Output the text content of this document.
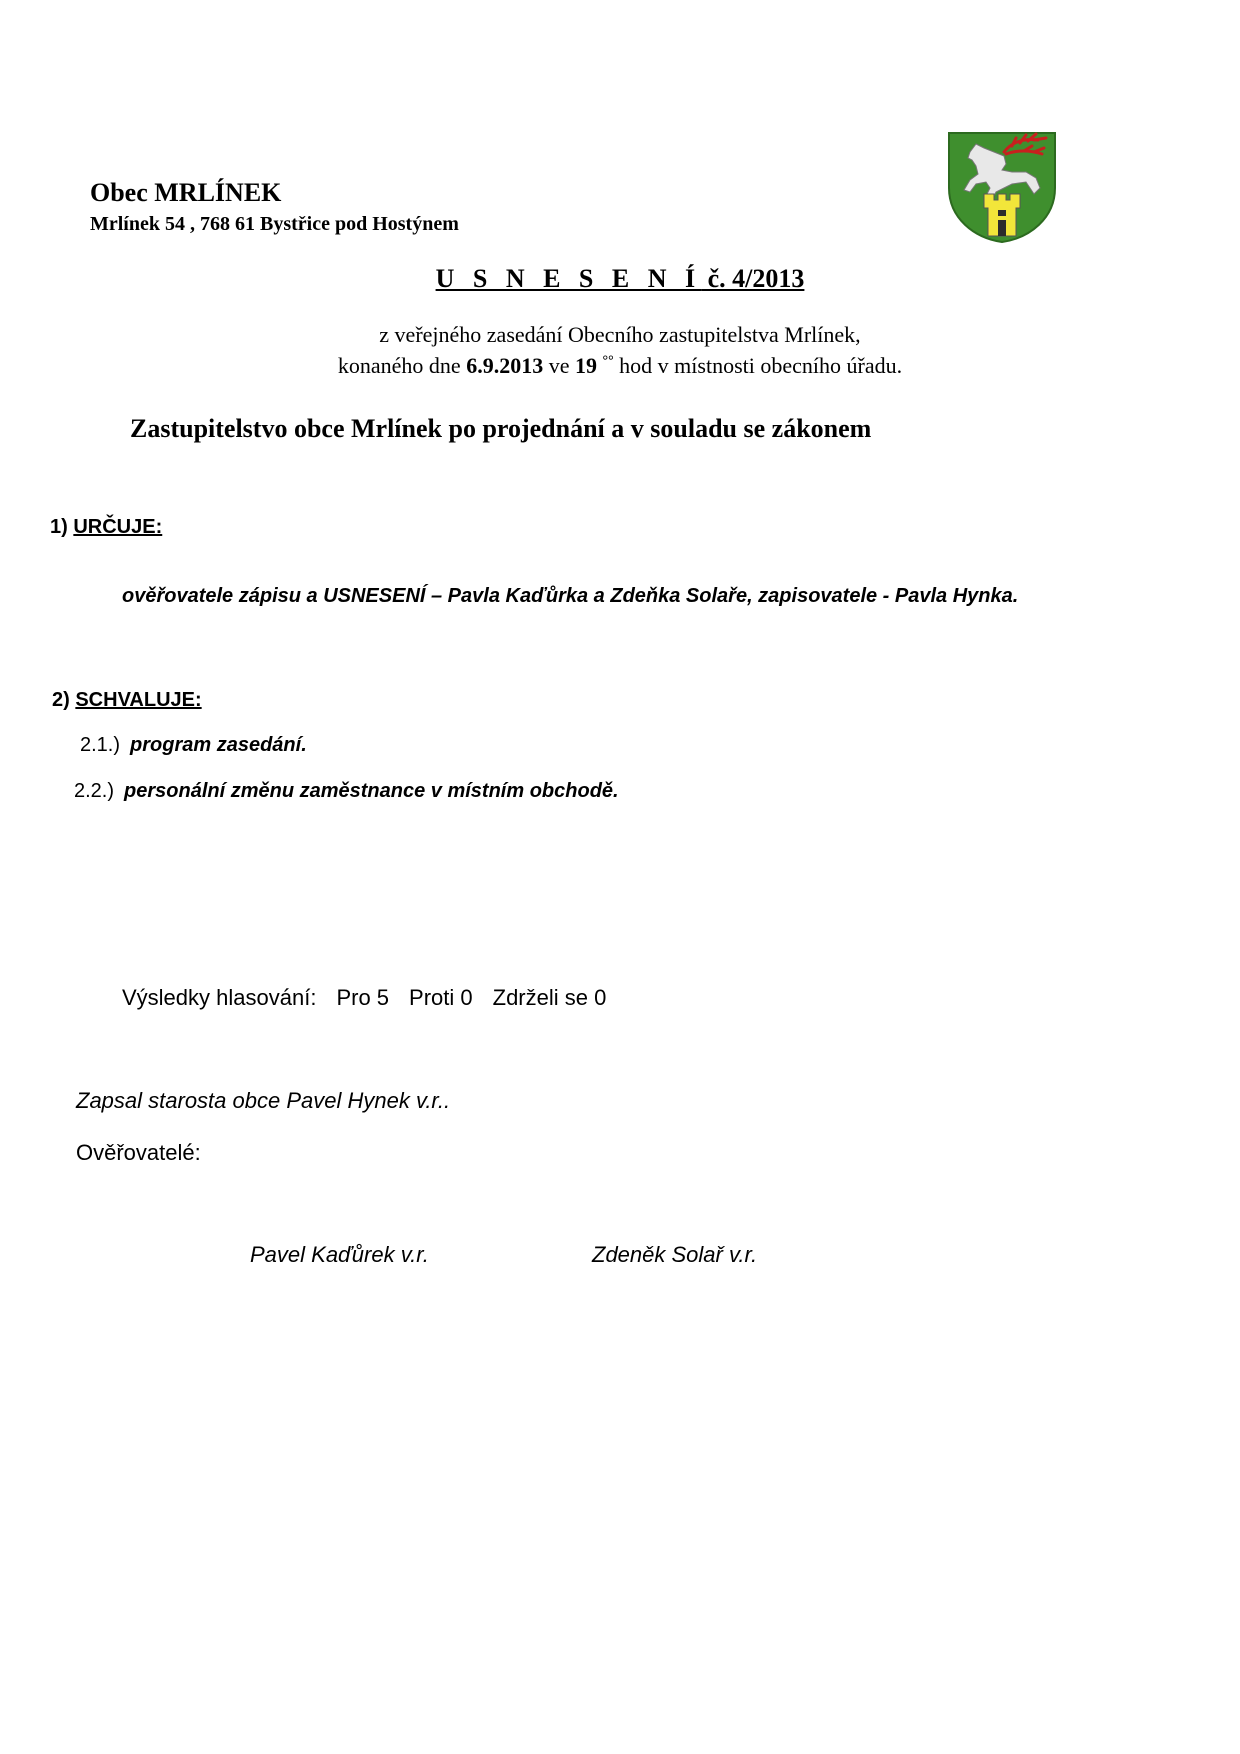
Obec MRLÍNEK
Mrlínek 54 , 768 61 Bystřice pod Hostýnem
U S N E S E N Í č. 4/2013
z veřejného zasedání Obecního zastupitelstva Mrlínek,
konaného dne 6.9.2013 ve 19 °° hod v místnosti obecního úřadu.
Zastupitelstvo obce Mrlínek po projednání a v souladu se zákonem
1) URČUJE:
ověřovatele zápisu a USNESENÍ – Pavla Kaďůrka a Zdeňka Solaře, zapisovatele - Pavla Hynka.
2) SCHVALUJE:
2.1.) program zasedání.
2.2.) personální změnu zaměstnance v místním obchodě.
Výsledky hlasování: Pro 5 Proti 0 Zdrželi se 0
Zapsal starosta obce Pavel Hynek v.r..
Ověřovatelé:
Pavel Kaďůrek v.r.	Zdeněk Solař v.r.
